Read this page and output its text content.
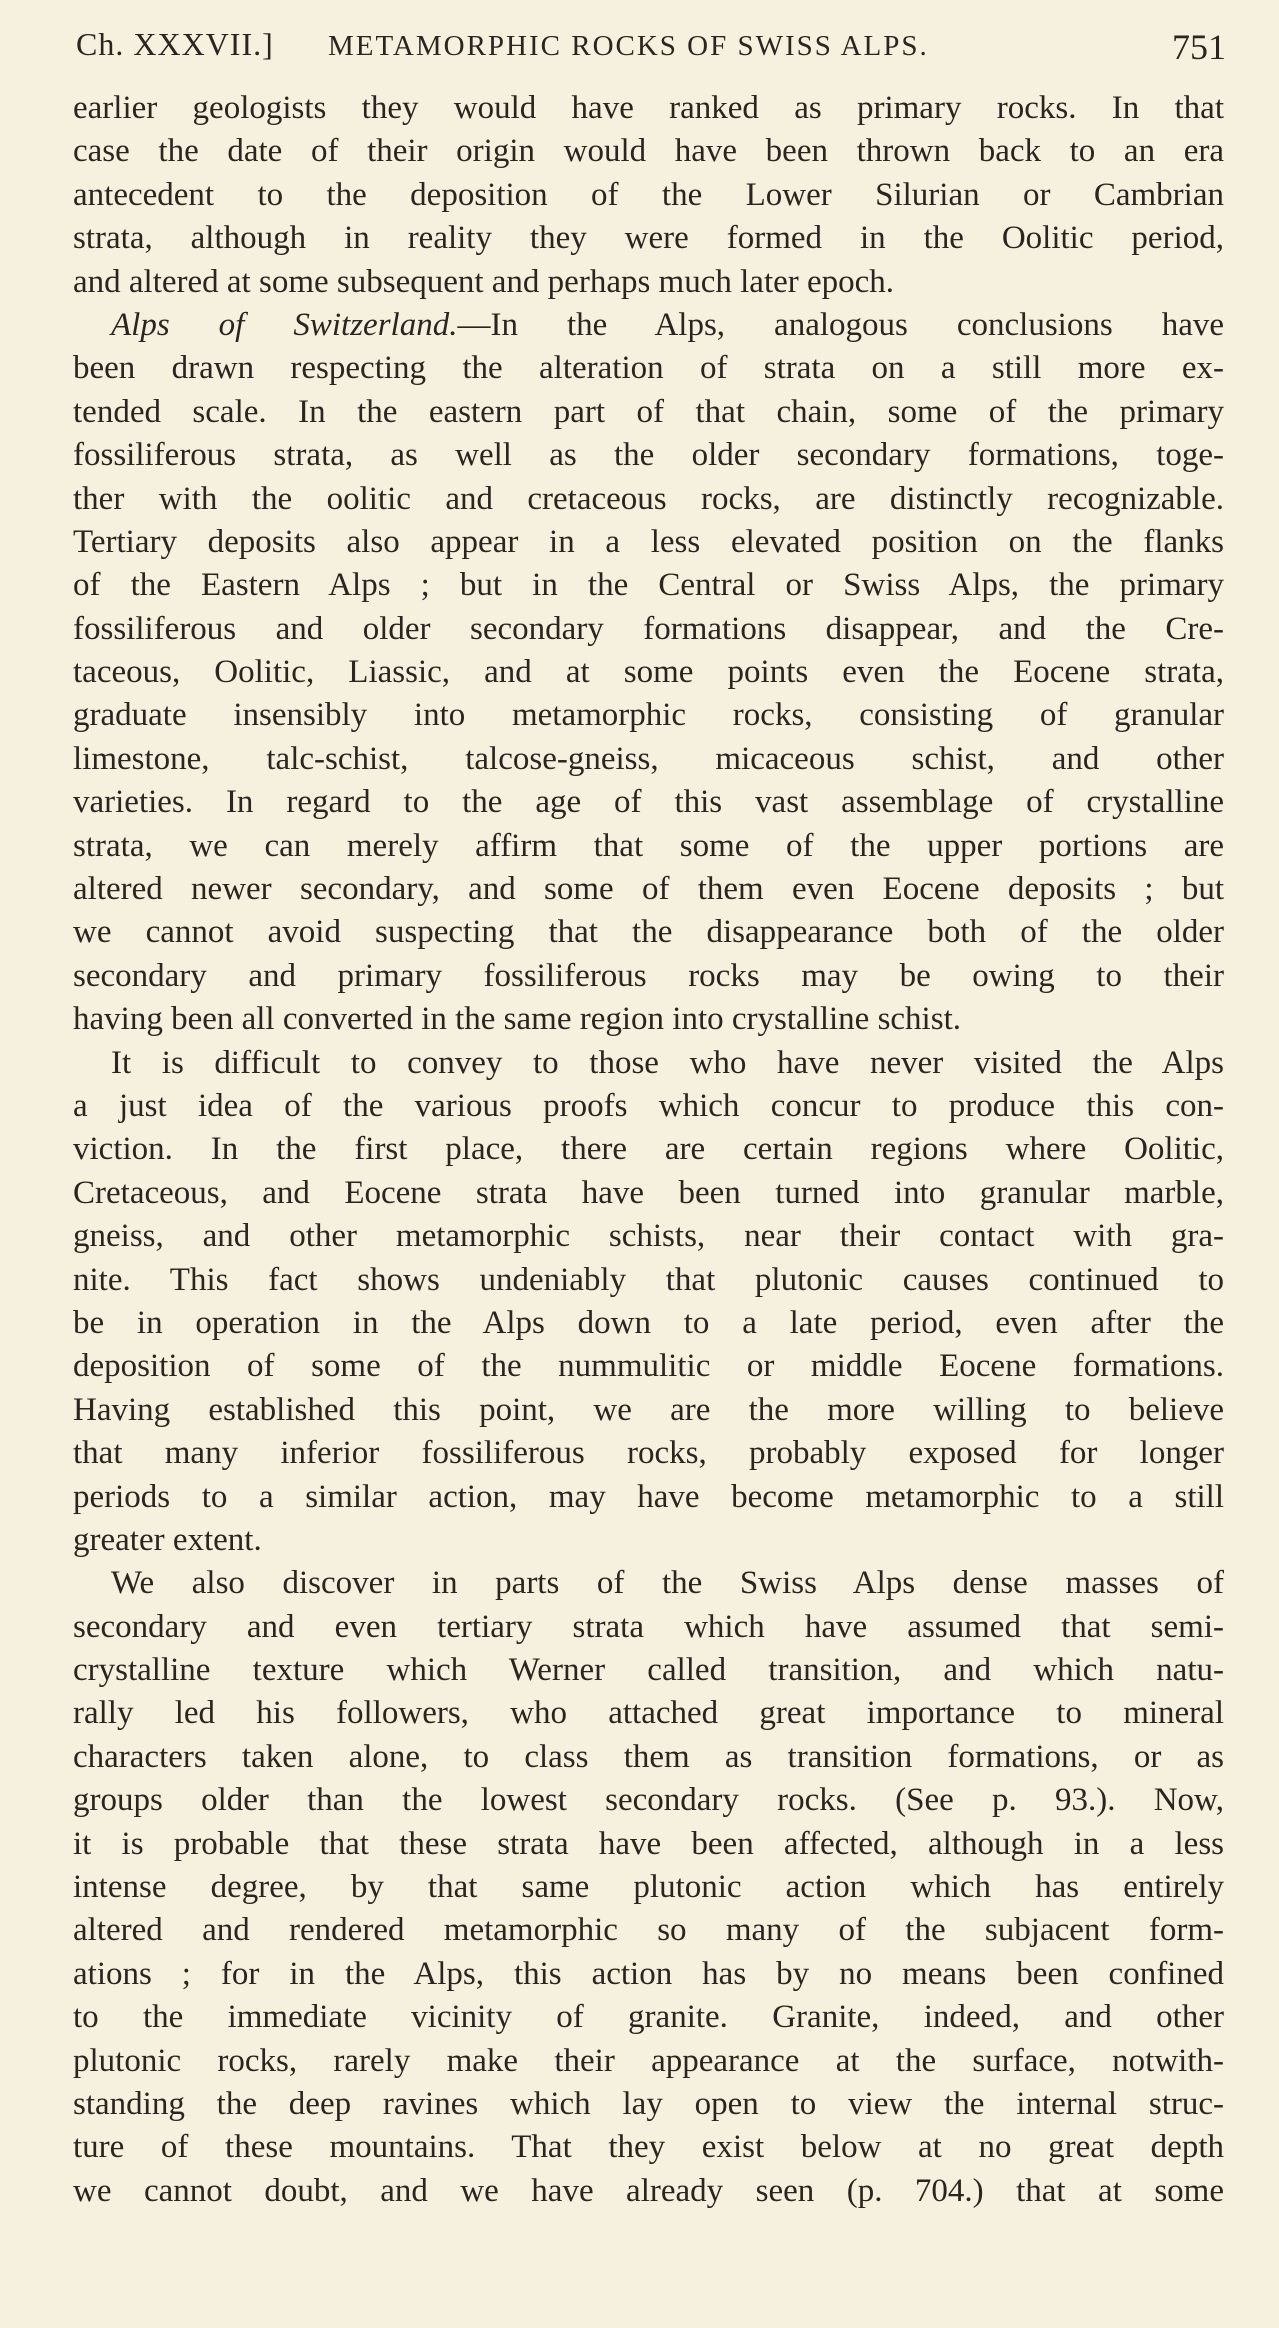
Ch. XXXVII.] METAMORPHIC ROCKS OF SWISS ALPS.	751
earlier geologists they would have ranked as primary rocks. In that
case the date of their origin would have been thrown back to an era
antecedent to the deposition of the Lower Silurian or Cambrian
strata, although in reality they were formed in the Oolitic period,
and altered at some subsequent and perhaps much later epoch.
Alps of Switzerland.—In the Alps, analogous conclusions have
been drawn respecting the alteration of strata on a still more ex-
tended scale. In the eastern part of that chain, some of the primary
fossiliferous strata, as well as the older secondary formations, toge-
ther with the oolitic and cretaceous rocks, are distinctly recognizable.
Tertiary deposits also appear in a less elevated position on the flanks
of the Eastern Alps ; but in the Central or Swiss Alps, the primary
fossiliferous and older secondary formations disappear, and the Cre-
taceous, Oolitic, Liassic, and at some points even the Eocene strata,
graduate insensibly into metamorphic rocks, consisting of granular
limestone, talc-schist, talcose-gneiss, micaceous schist, and other
varieties. In regard to the age of this vast assemblage of crystalline
strata, we can merely affirm that some of the upper portions are
altered newer secondary, and some of them even Eocene deposits ; but
we cannot avoid suspecting that the disappearance both of the older
secondary and primary fossiliferous rocks may be owing to their
having been all converted in the same region into crystalline schist.
It is difficult to convey to those who have never visited the Alps
a just idea of the various proofs which concur to produce this con-
viction. In the first place, there are certain regions where Oolitic,
Cretaceous, and Eocene strata have been turned into granular marble,
gneiss, and other metamorphic schists, near their contact with gra-
nite. This fact shows undeniably that plutonic causes continued to
be in operation in the Alps down to a late period, even after the
deposition of some of the nummulitic or middle Eocene formations.
Having established this point, we are the more willing to believe
that many inferior fossiliferous rocks, probably exposed for longer
periods to a similar action, may have become metamorphic to a still
greater extent.
We also discover in parts of the Swiss Alps dense masses of
secondary and even tertiary strata which have assumed that semi-
crystalline texture which Werner called transition, and which natu-
rally led his followers, who attached great importance to mineral
characters taken alone, to class them as transition formations, or as
groups older than the lowest secondary rocks. (See p. 93.). Now,
it is probable that these strata have been affected, although in a less
intense degree, by that same plutonic action which has entirely
altered and rendered metamorphic so many of the subjacent form-
ations ; for in the Alps, this action has by no means been confined
to the immediate vicinity of granite. Granite, indeed, and other
plutonic rocks, rarely make their appearance at the surface, notwith-
standing the deep ravines which lay open to view the internal struc-
ture of these mountains. That they exist below at no great depth
we cannot doubt, and we have already seen (p. 704.) that at some
